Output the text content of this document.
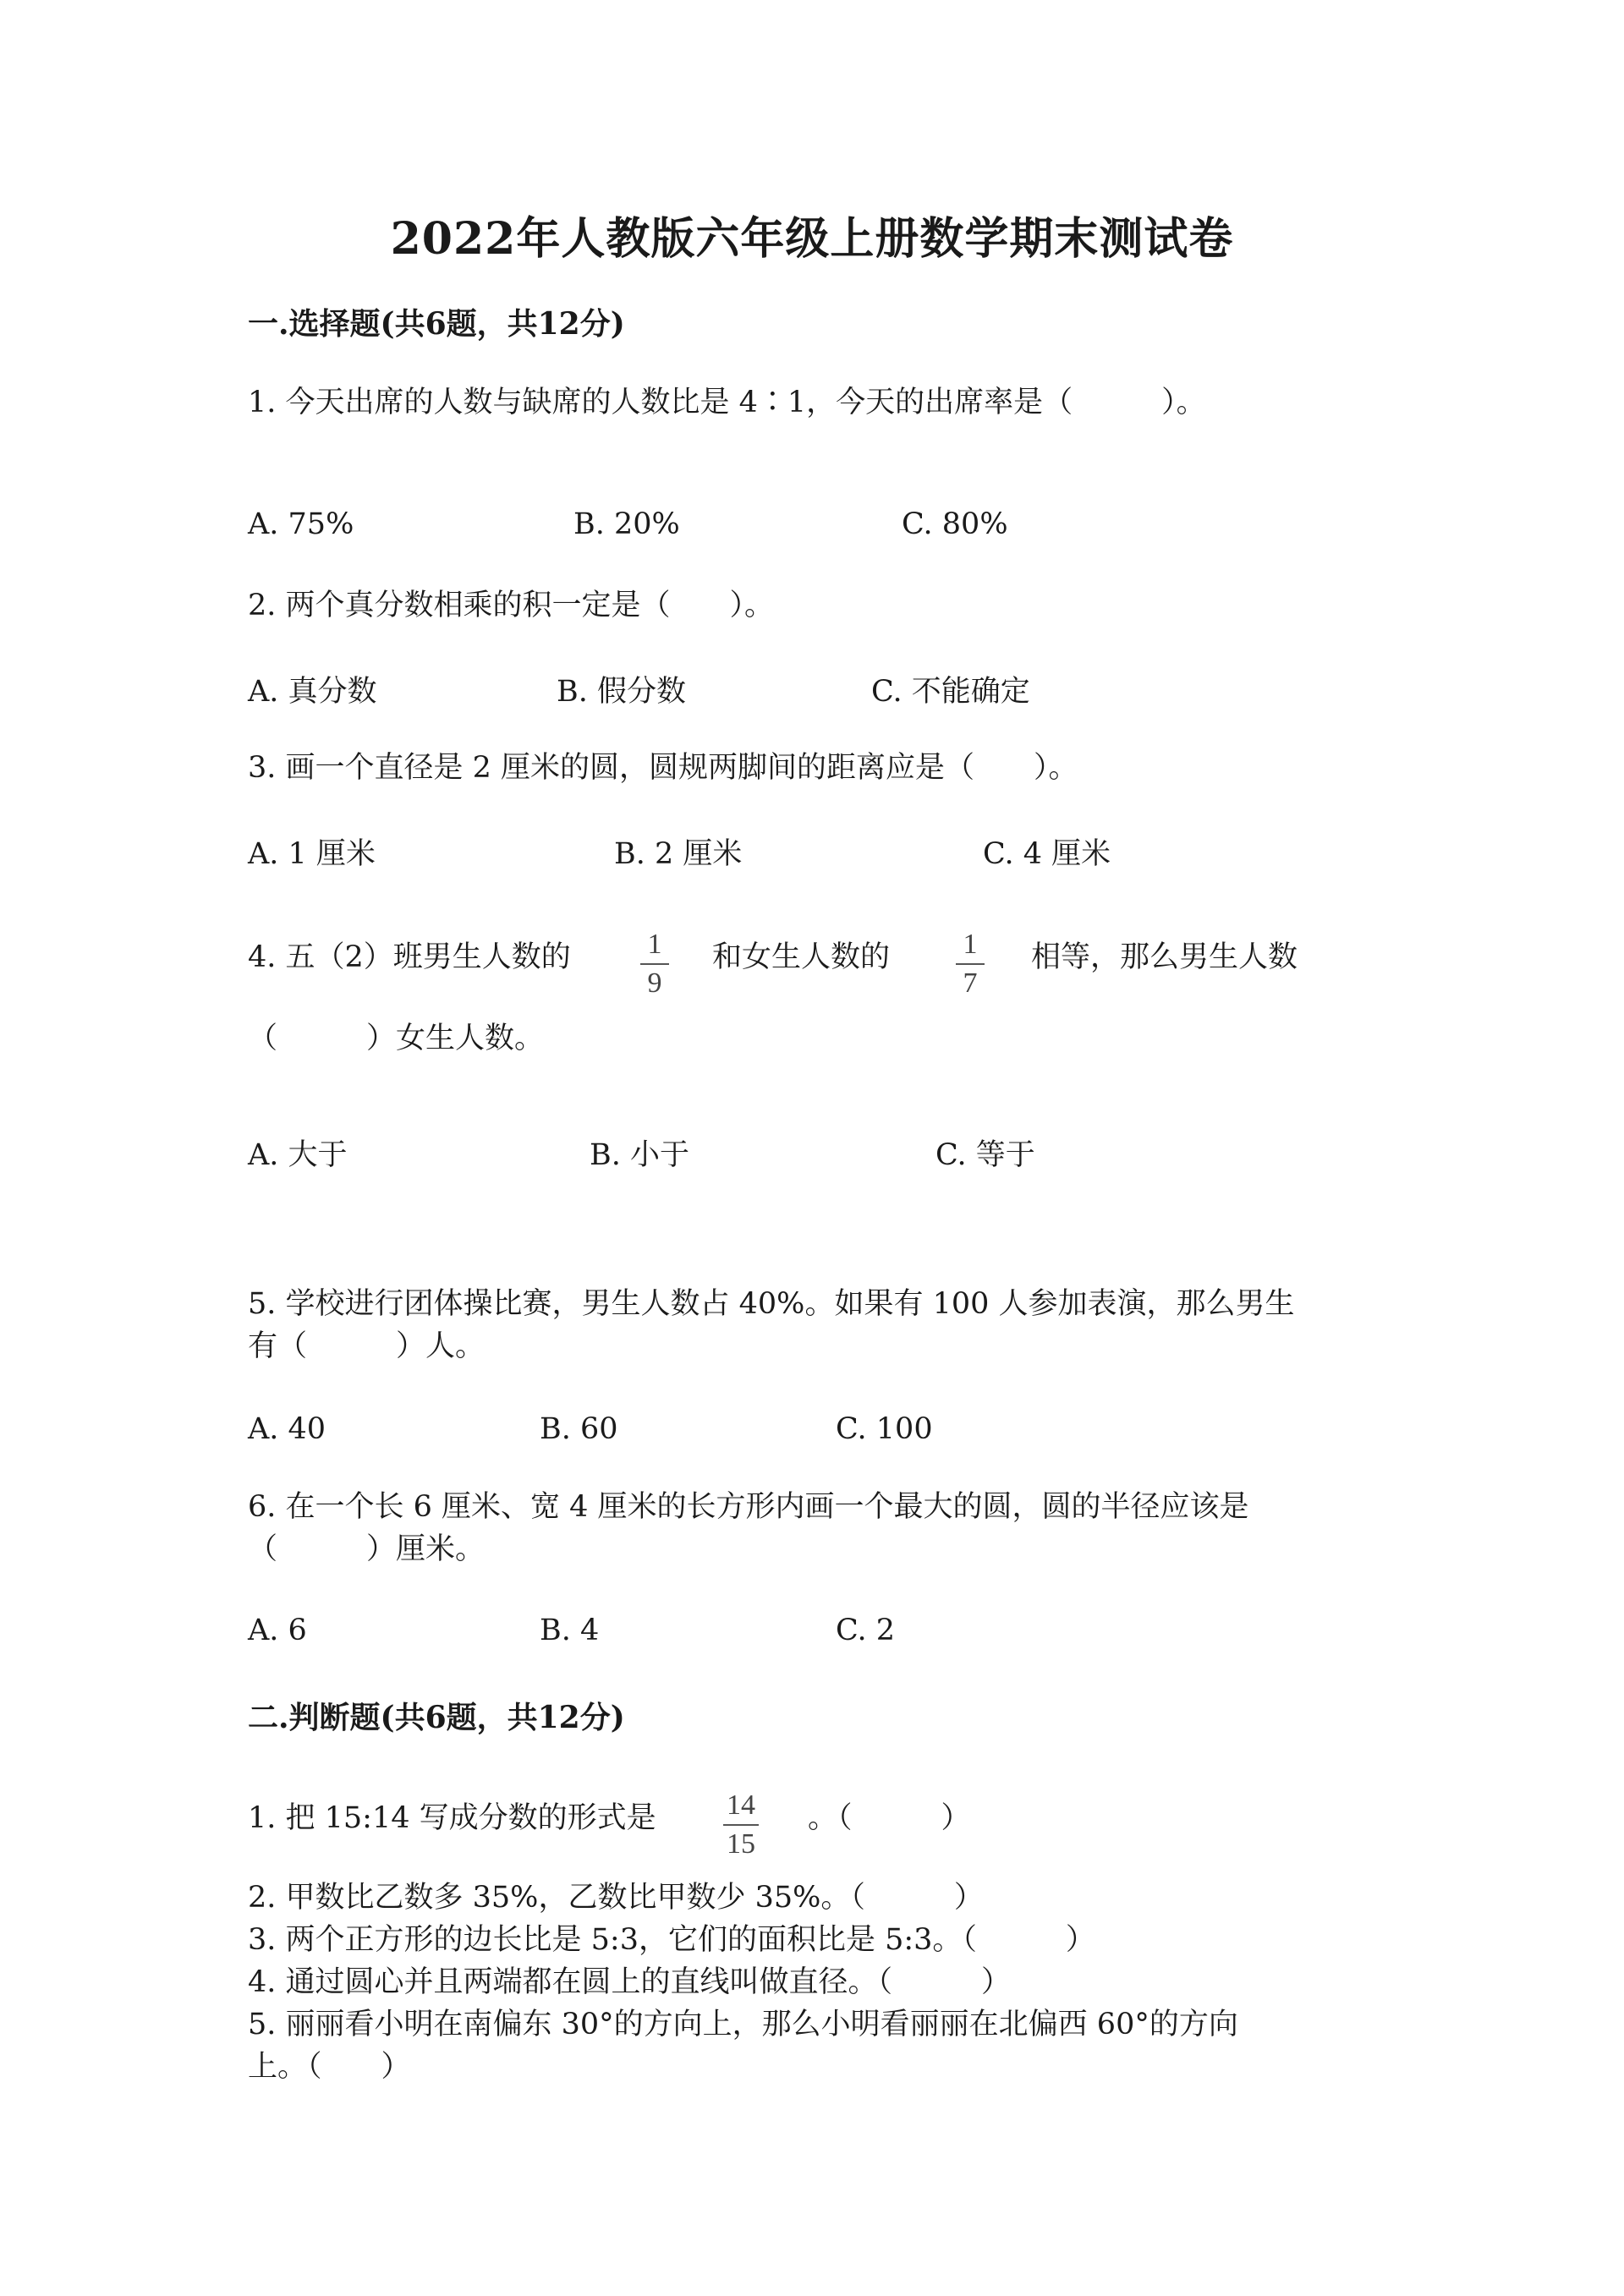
2022年人教版六年级上册数学期末测试卷
一.选择题(共6题，共12分)
1. 今天出席的人数与缺席的人数比是 4∶1，今天的出席率是（　　　）。
A. 75%	B. 20%	C. 80%
2. 两个真分数相乘的积一定是（　　）。
A. 真分数	B. 假分数	C. 不能确定
3. 画一个直径是 2 厘米的圆，圆规两脚间的距离应是（　　）。
A. 1 厘米	B. 2 厘米	C. 4 厘米
4. 五（2）班男生人数的	1
9
和女生人数的	1
7
相等，那么男生人数
（　　　）女生人数。
A. 大于	B. 小于	C. 等于
5. 学校进行团体操比赛，男生人数占 40%。如果有 100 人参加表演，那么男生
有（　　　）人。
A. 40	B. 60	C. 100
6. 在一个长 6 厘米、宽 4 厘米的长方形内画一个最大的圆，圆的半径应该是
（　　　）厘米。
A. 6	B. 4	C. 2
二.判断题(共6题，共12分)
1. 把 15:14 写成分数的形式是 14
15
。（　　　）
2. 甲数比乙数多 35%，乙数比甲数少 35%。（　　　）
3. 两个正方形的边长比是 5:3，它们的面积比是 5:3。（　　　）
4. 通过圆心并且两端都在圆上的直线叫做直径。（　　　）
5. 丽丽看小明在南偏东 30°的方向上，那么小明看丽丽在北偏西 60°的方向
上。（　　）
